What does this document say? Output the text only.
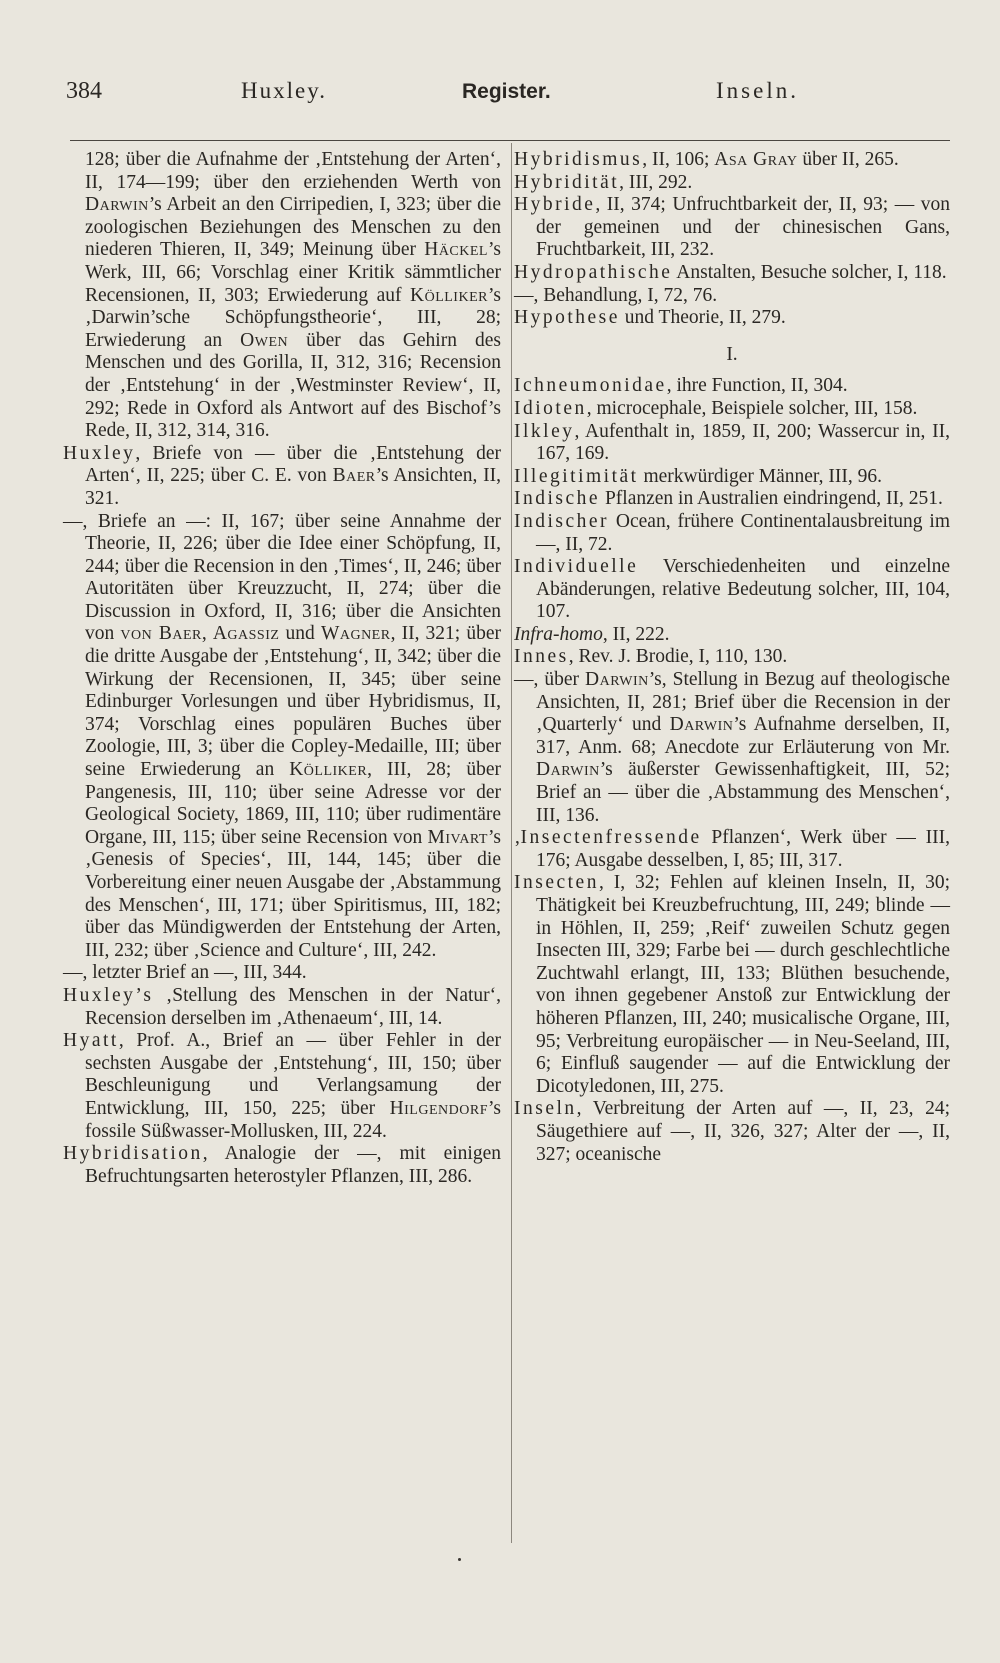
384	Huxley.	Register.	Inseln.

128; über die Aufnahme der ‚Entstehung der Arten‘, II, 174—199; über den erziehenden Werth von Darwin’s Arbeit an den Cirripedien, I, 323; über die zoologischen Beziehungen des Menschen zu den niederen Thieren, II, 349; Meinung über Häckel’s Werk, III, 66; Vorschlag einer Kritik sämmtlicher Recensionen, II, 303; Erwiederung auf Kölliker’s ‚Darwin’sche Schöpfungstheorie‘, III, 28; Erwiederung an Owen über das Gehirn des Menschen und des Gorilla, II, 312, 316; Recension der ‚Entstehung‘ in der ‚Westminster Review‘, II, 292; Rede in Oxford als Antwort auf des Bischof’s Rede, II, 312, 314, 316.

Huxley, Briefe von — über die ‚Entstehung der Arten‘, II, 225; über C. E. von Baer’s Ansichten, II, 321.

—, Briefe an —: II, 167; über seine Annahme der Theorie, II, 226; über die Idee einer Schöpfung, II, 244; über die Recension in den ‚Times‘, II, 246; über Autoritäten über Kreuzzucht, II, 274; über die Discussion in Oxford, II, 316; über die Ansichten von von Baer, Agassiz und Wagner, II, 321; über die dritte Ausgabe der ‚Entstehung‘, II, 342; über die Wirkung der Recensionen, II, 345; über seine Edinburger Vorlesungen und über Hybridismus, II, 374; Vorschlag eines populären Buches über Zoologie, III, 3; über die Copley-Medaille, III; über seine Erwiederung an Kölliker, III, 28; über Pangenesis, III, 110; über seine Adresse vor der Geological Society, 1869, III, 110; über rudimentäre Organe, III, 115; über seine Recension von Mivart’s ‚Genesis of Species‘, III, 144, 145; über die Vorbereitung einer neuen Ausgabe der ‚Abstammung des Menschen‘, III, 171; über Spiritismus, III, 182; über das Mündigwerden der Entstehung der Arten, III, 232; über ‚Science and Culture‘, III, 242.

—, letzter Brief an —, III, 344.

Huxley’s ‚Stellung des Menschen in der Natur‘, Recension derselben im ‚Athenaeum‘, III, 14.

Hyatt, Prof. A., Brief an — über Fehler in der sechsten Ausgabe der ‚Entstehung‘, III, 150; über Beschleunigung und Verlangsamung der Entwicklung, III, 150, 225; über Hilgendorf’s fossile Süßwasser-Mollusken, III, 224.

Hybridisation, Analogie der —, mit einigen Befruchtungsarten heterostyler Pflanzen, III, 286.

Hybridismus, II, 106; Asa Gray über II, 265.

Hybridität, III, 292.

Hybride, II, 374; Unfruchtbarkeit der, II, 93; — von der gemeinen und der chinesischen Gans, Fruchtbarkeit, III, 232.

Hydropathische Anstalten, Besuche solcher, I, 118.

—, Behandlung, I, 72, 76.

Hypothese und Theorie, II, 279.

I.

Ichneumonidae, ihre Function, II, 304.

Idioten, microcephale, Beispiele solcher, III, 158.

Ilkley, Aufenthalt in, 1859, II, 200; Wassercur in, II, 167, 169.

Illegitimität merkwürdiger Männer, III, 96.

Indische Pflanzen in Australien eindringend, II, 251.

Indischer Ocean, frühere Continentalausbreitung im —, II, 72.

Individuelle Verschiedenheiten und einzelne Abänderungen, relative Bedeutung solcher, III, 104, 107.

Infra-homo, II, 222.

Innes, Rev. J. Brodie, I, 110, 130.

—, über Darwin’s, Stellung in Bezug auf theologische Ansichten, II, 281; Brief über die Recension in der ‚Quarterly‘ und Darwin’s Aufnahme derselben, II, 317, Anm. 68; Anecdote zur Erläuterung von Mr. Darwin’s äußerster Gewissenhaftigkeit, III, 52; Brief an — über die ‚Abstammung des Menschen‘, III, 136.

‚Insectenfressende Pflanzen‘, Werk über — III, 176; Ausgabe desselben, I, 85; III, 317.

Insecten, I, 32; Fehlen auf kleinen Inseln, II, 30; Thätigkeit bei Kreuzbefruchtung, III, 249; blinde — in Höhlen, II, 259; ‚Reif‘ zuweilen Schutz gegen Insecten III, 329; Farbe bei — durch geschlechtliche Zuchtwahl erlangt, III, 133; Blüthen besuchende, von ihnen gegebener Anstoß zur Entwicklung der höheren Pflanzen, III, 240; musicalische Organe, III, 95; Verbreitung europäischer — in Neu-Seeland, III, 6; Einfluß saugender — auf die Entwicklung der Dicotyledonen, III, 275.

Inseln, Verbreitung der Arten auf —, II, 23, 24; Säugethiere auf —, II, 326, 327; Alter der —, II, 327; oceanische
